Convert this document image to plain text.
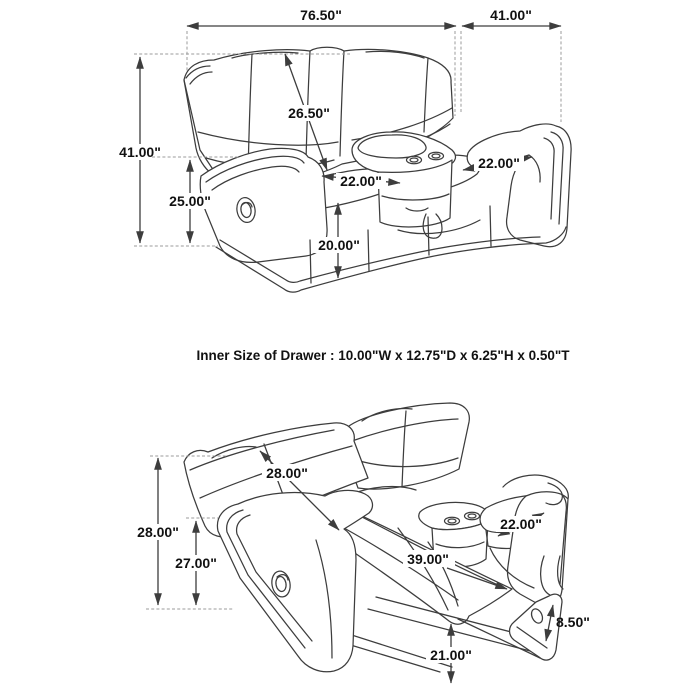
76.50"	41.00"
41.00"
25.00"
26.50"
22.00"
22.00"
20.00"
28.00"
27.00"
28.00"
22.00"
39.00"
8.50"
21.00"
Inner Size of Drawer : 10.00"W x 12.75"D x 6.25"H x 0.50"T
